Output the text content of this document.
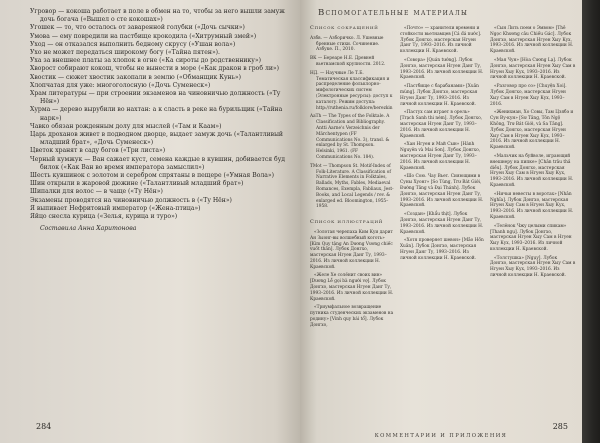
Угровор — кокоша работает в поле в обмен на то, чтобы за него вышли замуж дочь богача («Вышел о сте кокошах»)

Угошек — то, что осталось от заваренной голубки («Дочь сычки»)

Умова — ему повредили на пастбище крокодила («Хитрумный змей»)

Уход — он отказался выполнить бедному скрусу («Ушан вола»)

Ухо не может передаться широкому богу («Тайна пятен»).

Уха за внешнее платы за хлопок в огне («Ка сироты до родственнику»)

Хворост собирают кокош, чтобы не вынести в море («Как дракон в гроб ли»)

Хвостик — сюжет хвостик закопали в землю («Обманщик Кунь»)

Хлопчатая для уже: многоголосную («Дочь Суменеск»)

Храм литературы — при строении экзаменов на чиновничью должность («Ту Нён»)

Хурма — дерево вырубили во нахтан: а к сласть в реке на бурильщик («Тайна нарк»)

Чавко обязан рожденным долу для мыслей («Там и Каам»)

Царь дроханов живет в подводном дворце, выдает замуж дочь («Талантливый младший брат», «Дочь Суменеск»)

Цветок хранят в саду богов («Три листа»)

Черный кумжук — Ван сажает куст, семена каждые в кувшин, добивается буд билок («Как Ван во время императора замыслил»)

Шесть кувшинок с золотом и серебром спрятаны в пещере («Умная Вола»)

Шин открыли в жаровой дюжине («Талантливый младший брат»)

Шипалки для волос — в чаще («Ту Нён»)

Экзамены проводятся на чиновничью должность в («Ту Нён»)

Я выпивает Нефритовый император («Жена-птица»)

Яйцо снесла курица («Зелья, курица и туро»)

Составила Анна Харитонова

284
Вспомогательные материалы
Список сокращений

Азбв. — Азборичко. Л. Ушевные бренные стихи. Сочинение. Азбуке. П., 2010.

ВК — Береаре Н.Е. Древней вьетнамской крупности. 2012.

НД. — Научные Ле Т.Б. Тематическая классификация и распределение фольклорно-мифологических систем (Электронные ресурсы): доступ к каталогу. Режим доступа: http://ruthenia.ru/folklore/berezkin

AaTh — The Types of the Folktale. A Classification and Bibliography. Antti Aarne's Verzeichnis der Märchentypen (FF Communications No. 3), transl. & enlarged by St. Thompson. Helsinki, 1961. (FF Communications No. 184).

TMot — Thompson St. Motif-Index of Folk-Literature. A Classification of Narrative Elements in Folktales, Ballads, Myths, Fables, Mediaeval Romances, Exempla, Fabliaux, Jest-Books, and Local Legends / rev. & enlarged ed. Bloomington, 1955–1958.

Список иллюстраций

«Золотая черепаха Ким Куи дарит Ан Зыонг-вы волшебный коготь» [Kim Quy tặng An Dương Vương chiếc vuốt thần]. Лубок Донгхо, мастерская Нгуен Данг Ту, 1993–2016. Из личной коллекции Н. Краевской.

«Желе Хе солёнит своих вин» [Dương Lễ gọi bà người vợ]. Лубок Донгхо, мастерская Нгуен Данг Ту, 1993–2016. Из личной коллекции Н. Краевской.

«Триумфальное возвращение путника студенческих экзаменов на родину» [Vinh quy bái tổ]. Лубок Донгхо,

«Почто» — хранители времени и стойкости вьетнамцев [Cá đá nước]. Лубок Донгхо, мастерская Нгуен Данг Ту, 1993–2016. Из личной коллекции Н. Краевской.

«Совора» [Quán tướng]. Лубок Донгхо, мастерская Нгуен Данг Ту, 1993–2016. Из личной коллекции Н. Краевской.

«Пастбище с барабанами» [Xuân mùng]. Лубок Донгхо, мастерская Нгуен Данг Ту, 1993–2016. Из личной коллекции Н. Краевской.

«Пастух сам играет в орель» [Trạch Sanh thi ném]. Лубок Донгхо, мастерская Нгуен Данг Ту, 1993–2016. Из личной коллекции Н. Краевской.

«Хан Нгуен и Май Сын» [Hành Nguyên và Mai Sơn]. Лубок Донгхо, мастерская Нгуен Данг Ту, 1993–2016. Из личной коллекции Н. Краевской.

«Шо Сою. Чау Вьет. Сияющими в Суны Хуонг» [So Tùng, Trư Bát Giới, Đường Tăng và Đại Thánh]. Лубок Донгхо, мастерская Нгуен Данг Ту, 1993–2016. Из личной коллекции Н. Краевской.

«Создан» [Khẩu thịt]. Лубок Донгхо, мастерская Нгуен Данг Ту, 1993–2016. Из личной коллекции Н. Краевской.

«Хотя проверяет шевон» [Mão Hồn Xuân]. Лубок Донгхо, мастерская Нгуен Данг Ту, 1993–2016. Из личной коллекции Н. Краевской.

«Сын Лить поем о Эмвом» [Thê Ngọc Khương câu Chiếu Gác]. Лубок Донгхо, мастерская Нгуен Хыу Кух, 1993–2016. Из личной коллекции Н. Краевской.

«Мая Чун» [Hòa Cương Lạ]. Лубок Донгхо, мастерская Нгуен Хыу Сам в Нгуен Хыу Кух, 1993–2016. Из личной коллекции Н. Краевской.

«Разговор про со» [Chuyện Xoi]. Лубок Донгхо, мастерская Нгуен Хыу Сам в Нгуен Хыу Кух, 1993–2016.

«Женихман, Хо Совы, Там Цзябэ и Сун Ву-кун» [Sư Tăng, Tôn Ngộ Không, Trư Bát Giới, và Sa Tăng]. Лубок Донгхо, мастерская Нгуен Хыу Сам в Нгуен Хыу Кух, 1993–2016. Из личной коллекции Н. Краевской.

«Мальчик на буйволе, играющий внешнеру на пипке» [Chăn trâu thả diều]. Лубок Донгхо, мастерская Нгуен Хыу Сам в Нгуен Хыу Кух, 1993–2016. Из личной коллекции Н. Краевской.

«Ничьи невесты в воротах» [Nhân Nghĩa]. Лубок Донгхо, мастерская Нгуен Хыу Сам в Нгуен Хыу Кух, 1993–2016. Из личной коллекции Н. Краевской.

«Телёнок Чжу целыми спикам» [Thanh ngụ]. Лубок Донгхо, мастерская Нгуен Хыу Сам в Нгуен Хыу Кух, 1993–2016. Из личной коллекции Н. Краевской.

«Толстушка» [Ngụy]. Лубок Донгхо, мастерская Нгуен Хыу Сам в Нгуен Хыу Кух, 1993–2016. Из личной коллекции Н. Краевской.

285
КОММЕНТАРИИ И ПРИЛОЖЕНИЯ
